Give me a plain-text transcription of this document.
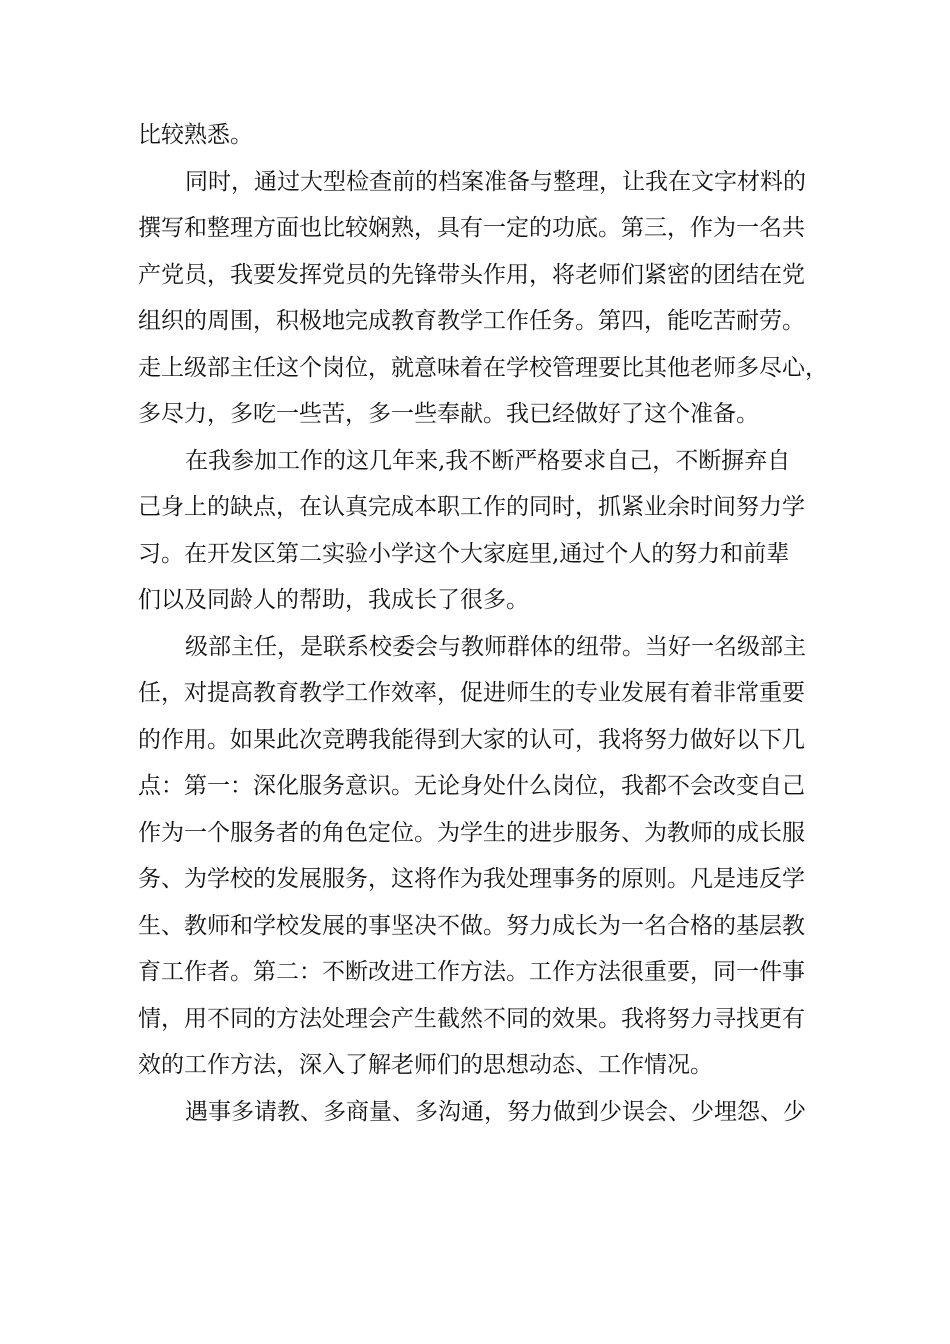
比较熟悉。
同时，通过大型检查前的档案准备与整理，让我在文字材料的
撰写和整理方面也比较娴熟，具有一定的功底。第三，作为一名共
产党员，我要发挥党员的先锋带头作用，将老师们紧密的团结在党
组织的周围，积极地完成教育教学工作任务。第四，能吃苦耐劳。
走上级部主任这个岗位，就意味着在学校管理要比其他老师多尽心，
多尽力，多吃一些苦，多一些奉献。我已经做好了这个准备。
在我参加工作的这几年来,我不断严格要求自己，不断摒弃自
己身上的缺点，在认真完成本职工作的同时，抓紧业余时间努力学
习。在开发区第二实验小学这个大家庭里,通过个人的努力和前辈
们以及同龄人的帮助，我成长了很多。
级部主任，是联系校委会与教师群体的纽带。当好一名级部主
任，对提高教育教学工作效率，促进师生的专业发展有着非常重要
的作用。如果此次竞聘我能得到大家的认可，我将努力做好以下几
点：第一：深化服务意识。无论身处什么岗位，我都不会改变自己
作为一个服务者的角色定位。为学生的进步服务、为教师的成长服
务、为学校的发展服务，这将作为我处理事务的原则。凡是违反学
生、教师和学校发展的事坚决不做。努力成长为一名合格的基层教
育工作者。第二：不断改进工作方法。工作方法很重要，同一件事
情，用不同的方法处理会产生截然不同的效果。我将努力寻找更有
效的工作方法，深入了解老师们的思想动态、工作情况。
遇事多请教、多商量、多沟通，努力做到少误会、少埋怨、少
